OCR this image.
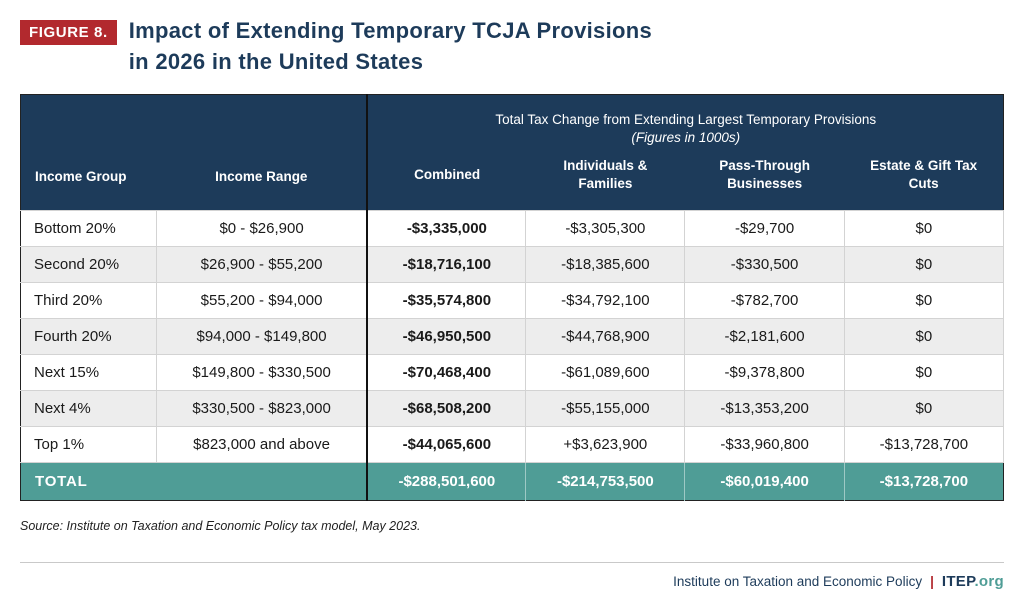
FIGURE 8. Impact of Extending Temporary TCJA Provisions
in 2026 in the United States
Income Group	Income Range	Total Tax Change from Extending Largest Temporary Provisions
(Figures in 1000s)			

		Combined	Individuals & Families	Pass-Through Businesses	Estate & Gift Tax Cuts
Bottom 20%	$0 - $26,900	-$3,335,000	-$3,305,300	-$29,700	$0
Second 20%	$26,900 - $55,200	-$18,716,100	-$18,385,600	-$330,500	$0
Third 20%	$55,200 - $94,000	-$35,574,800	-$34,792,100	-$782,700	$0
Fourth 20%	$94,000 - $149,800	-$46,950,500	-$44,768,900	-$2,181,600	$0
Next 15%	$149,800 - $330,500	-$70,468,400	-$61,089,600	-$9,378,800	$0
Next 4%	$330,500 - $823,000	-$68,508,200	-$55,155,000	-$13,353,200	$0
Top 1%	$823,000 and above	-$44,065,600	+$3,623,900	-$33,960,800	-$13,728,700
TOTAL		-$288,501,600	-$214,753,500	-$60,019,400	-$13,728,700
Source: Institute on Taxation and Economic Policy tax model, May 2023.
Institute on Taxation and Economic Policy | ITEP.org
